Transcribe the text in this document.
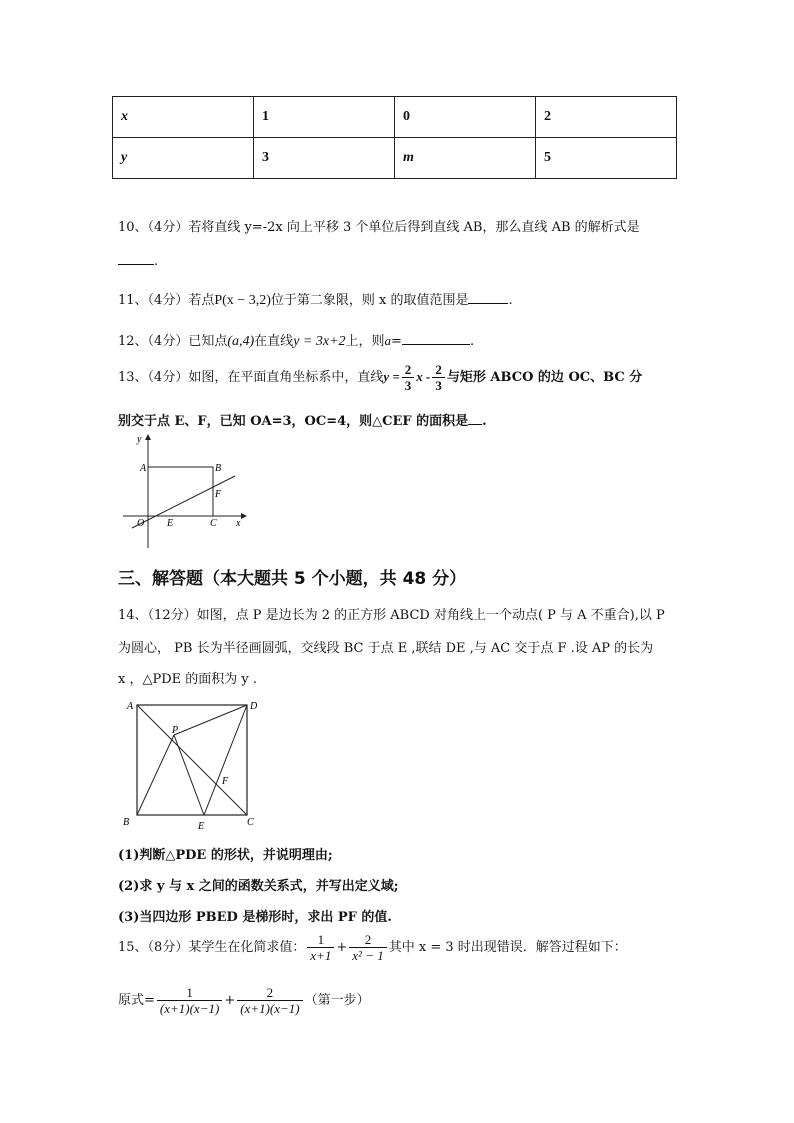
x	1	0	2
y	3	m	5
10、（4分）若将直线 y=-2x 向上平移 3 个单位后得到直线 AB，那么直线 AB 的解析式是
.
11、（4分）若点P(x − 3,2)位于第二象限，则 x 的取值范围是	.
12、（4分）已知点(a,4)在直线y = 3x+2上，则a=	.
13、（4分）如图，在平面直角坐标系中，直线$y = \frac{2}{3}$ x - $\frac{2}{3}$ 与矩形 ABCO 的边 OC、BC 分
别交于点 E、F，已知 OA=3，OC=4，则△CEF 的面积是 .
y
x
A	B
F
O E	C
三、解答题（本大题共 5 个小题，共 48 分）
14、（12分）如图，点 P 是边长为 2 的正方形 ABCD 对角线上一个动点( P 与 A 不重合),以 P
为圆心， PB 长为半径画圆弧，交线段 BC 于点 E ,联结 DE ,与 AC 交于点 F .设 AP 的长为
x ，△PDE 的面积为 y .
A	D
P
F
B	E	C
(1)判断△PDE 的形状，并说明理由;
(2)求 y 与 x 之间的函数关系式，并写出定义域;
(3)当四边形 PBED 是梯形时，求出 PF 的值.
15、（8分）某学生在化简求值： $\frac{1}{x+1} + \frac{2}{\text{x² − 1}}$ 其中 x = 3 时出现错误．解答过程如下：
原式= $\frac{1}{(x+1)(x-1)} + \frac{2}{(x+1)(x-1)}$ （第一步）
